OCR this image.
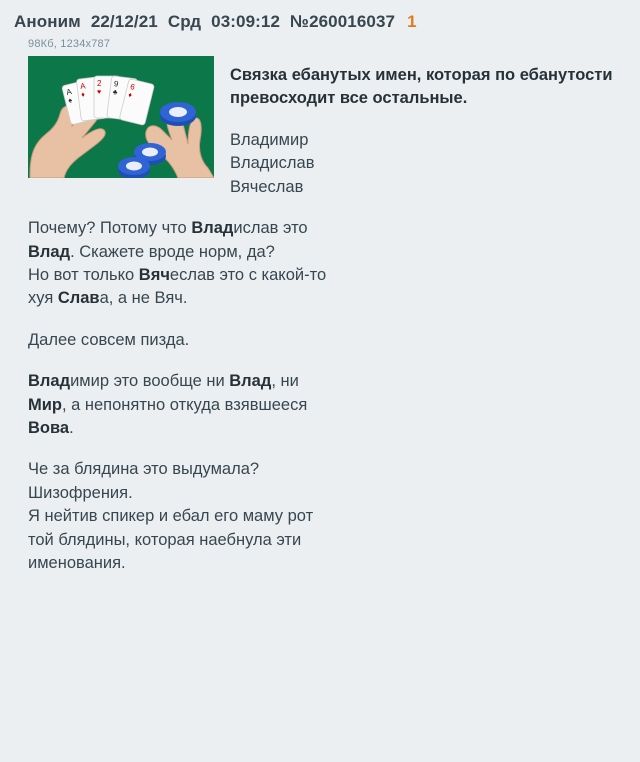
Аноним 22/12/21 Срд 03:09:12 №260016037 1
98Кб, 1234x787
A
♠
A
♦
2
♥
9
♣
6
♦

Связка ебанутых имен, которая по ебанутости превосходит все остальные.

Владимир
Владислав
Вячеслав

Почему? Потому что Владислав это
Влад. Скажете вроде норм, да?
Но вот только Вячеслав это с какой-то
хуя Слава, а не Вяч.

Далее совсем пизда.

Владимир это вообще ни Влад, ни
Мир, а непонятно откуда взявшееся
Вова.

Че за блядина это выдумала?
Шизофрения.
Я нейтив спикер и ебал его маму рот
той блядины, которая наебнула эти
именования.
